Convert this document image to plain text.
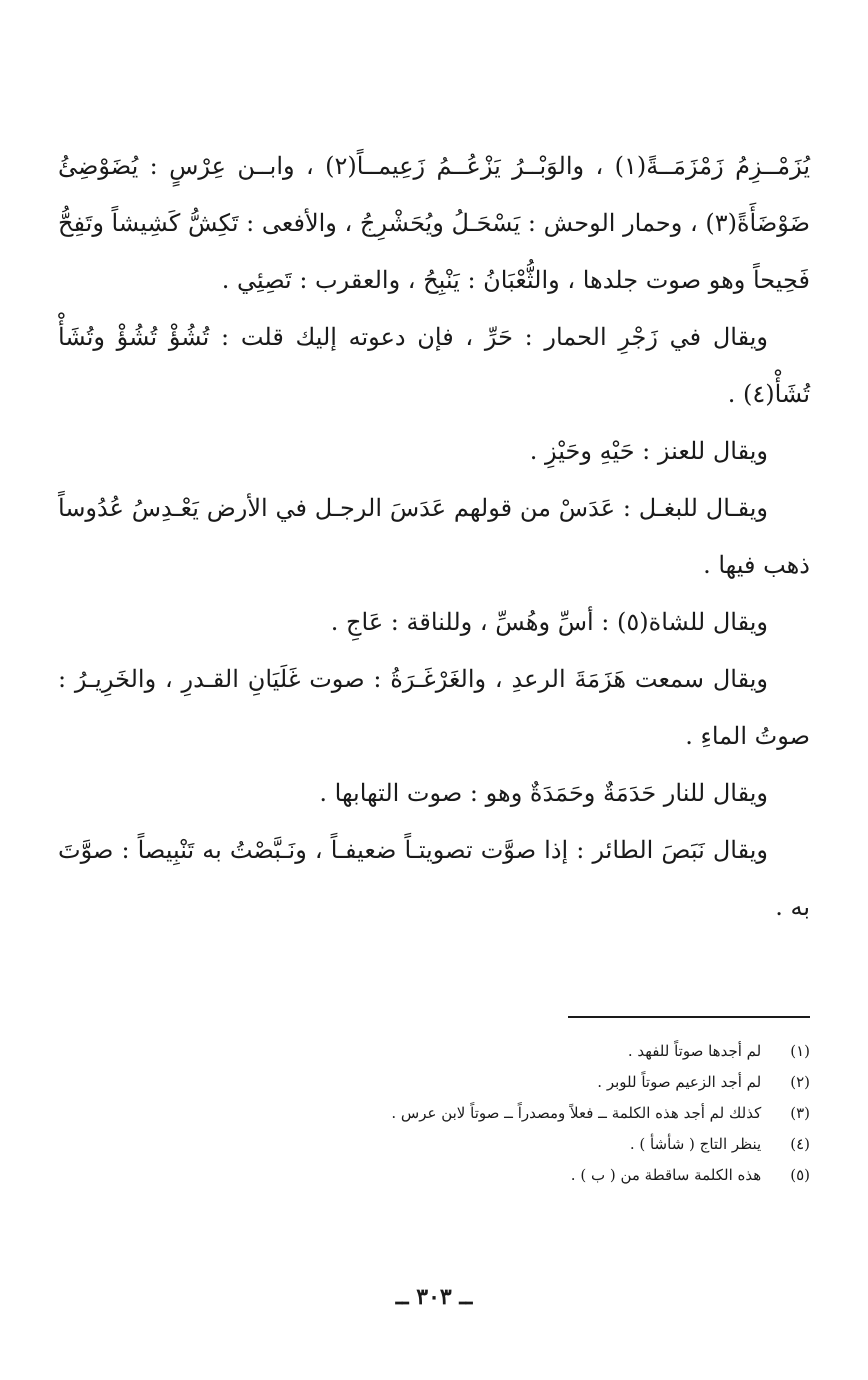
يُزَمْــزِمُ زَمْزَمَــةً(١) ، والوَبْــرُ يَزْعُــمُ زَعِيمــاً(٢) ، وابــن عِرْسٍ : يُضَوْضِئُ ضَوْضَأَةً(٣) ، وحمار الوحش : يَسْحَـلُ ويُحَشْرِجُ ، والأفعى : تَكِشُّ كَشِيشاً وتَفِحُّ فَحِيحاً وهو صوت جلدها ، والثُّعْبَانُ : يَنْبِحُ ، والعقرب : تَصِئِي .

ويقال في زَجْرِ الحمار : حَرِّ ، فإن دعوته إليك قلت : تُشُؤْ تُشُؤْ وتُشَأْ تُشَأْ(٤) .

ويقال للعنز : حَيْهِ وحَيْزِ .

ويقـال للبغـل : عَدَسْ من قولهم عَدَسَ الرجـل في الأرض يَعْـدِسُ عُدُوساً ذهب فيها .

ويقال للشاة(٥) : أسِّ وهُسِّ ، وللناقة : عَاجِ .

ويقال سمعت هَزَمَةَ الرعدِ ، والغَرْغَـرَةُ : صوت غَلَيَانِ القـدرِ ، والخَرِيـرُ : صوتُ الماءِ .

ويقال للنار حَدَمَةٌ وحَمَدَةٌ وهو : صوت التهابها .

ويقال نَبَصَ الطائر : إذا صوَّت تصويتـاً ضعيفـاً ، ونَـبَّصْتُ به تَنْبِيصاً : صوَّتَ به .

(١) لم أجدها صوتاً للفهد .
(٢) لم أجد الزعيم صوتاً للوبر .
(٣) كذلك لم أجد هذه الكلمة ــ فعلاً ومصدراً ــ صوتاً لابن عرس .
(٤) ينظر التاج ( شأشأ ) .
(٥) هذه الكلمة ساقطة من ( ب ) .
ــ ٣٠٣ ــ
